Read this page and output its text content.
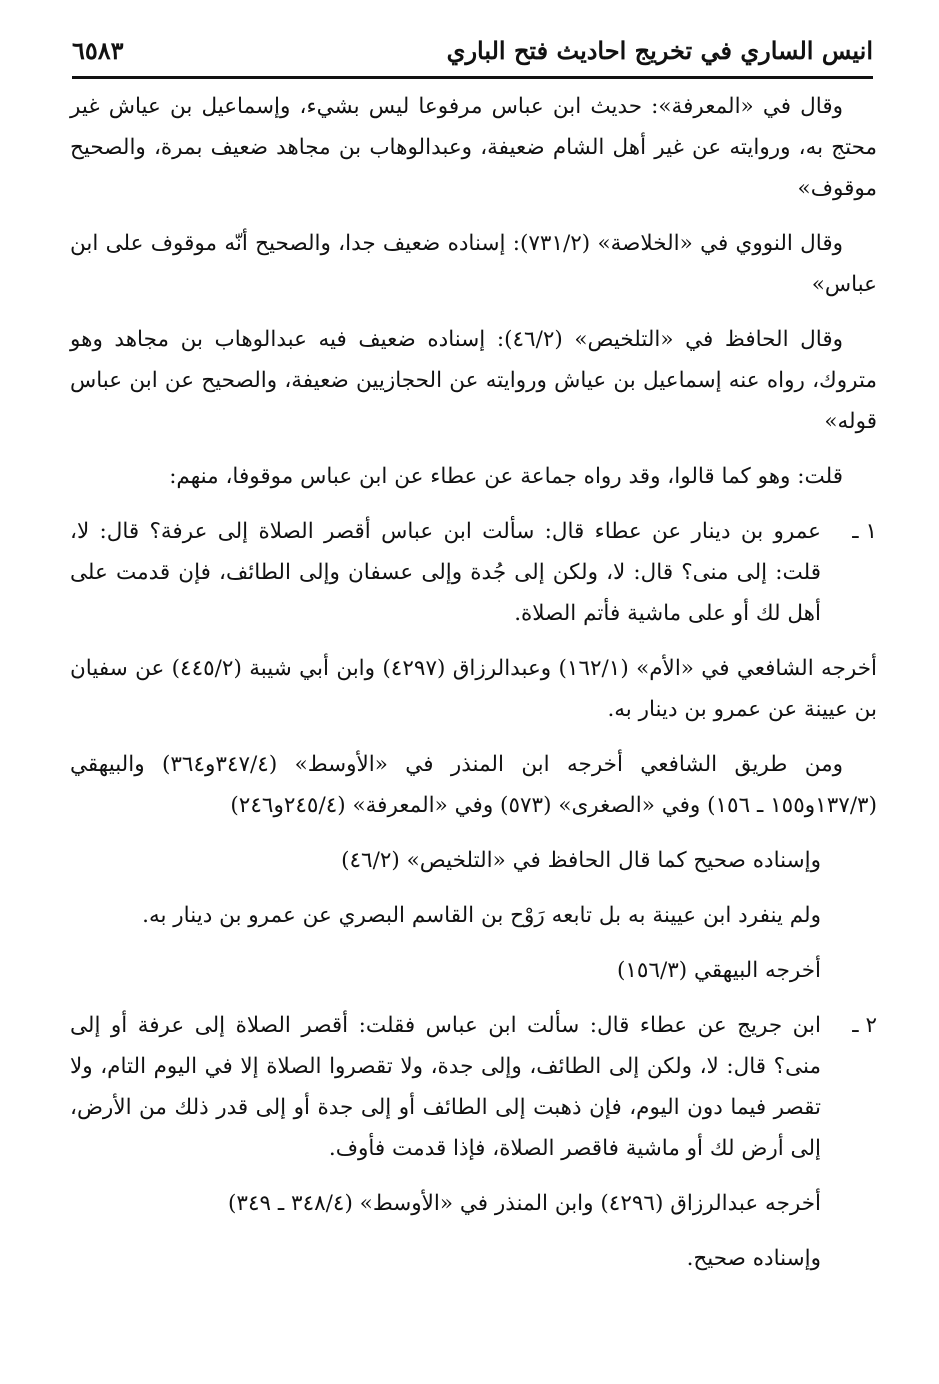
انيس الساري في تخريج احاديث فتح الباري
٦٥٨٣

وقال في «المعرفة»: حديث ابن عباس مرفوعا ليس بشيء، وإسماعيل بن عياش غير محتج به، وروايته عن غير أهل الشام ضعيفة، وعبدالوهاب بن مجاهد ضعيف بمرة، والصحيح موقوف»

وقال النووي في «الخلاصة» (٧٣١/٢): إسناده ضعيف جدا، والصحيح أنّه موقوف على ابن عباس»

وقال الحافظ في «التلخيص» (٤٦/٢): إسناده ضعيف فيه عبدالوهاب بن مجاهد وهو متروك، رواه عنه إسماعيل بن عياش وروايته عن الحجازيين ضعيفة، والصحيح عن ابن عباس قوله»

قلت: وهو كما قالوا، وقد رواه جماعة عن عطاء عن ابن عباس موقوفا، منهم:

١ ـ
عمرو بن دينار عن عطاء قال: سألت ابن عباس أقصر الصلاة إلى عرفة؟ قال: لا، قلت: إلى منى؟ قال: لا، ولكن إلى جُدة وإلى عسفان وإلى الطائف، فإن قدمت على أهل لك أو على ماشية فأتم الصلاة.

أخرجه الشافعي في «الأم» (١٦٢/١) وعبدالرزاق (٤٢٩٧) وابن أبي شيبة (٤٤٥/٢) عن سفيان بن عيينة عن عمرو بن دينار به.

ومن طريق الشافعي أخرجه ابن المنذر في «الأوسط» (٣٤٧/٤و٣٦٤) والبيهقي (١٣٧/٣و١٥٥ ـ ١٥٦) وفي «الصغرى» (٥٧٣) وفي «المعرفة» (٢٤٥/٤و٢٤٦)

وإسناده صحيح كما قال الحافظ في «التلخيص» (٤٦/٢)

ولم ينفرد ابن عيينة به بل تابعه رَوْح بن القاسم البصري عن عمرو بن دينار به.

أخرجه البيهقي (١٥٦/٣)

٢ ـ
ابن جريج عن عطاء قال: سألت ابن عباس فقلت: أقصر الصلاة إلى عرفة أو إلى منى؟ قال: لا، ولكن إلى الطائف، وإلى جدة، ولا تقصروا الصلاة إلا في اليوم التام، ولا تقصر فيما دون اليوم، فإن ذهبت إلى الطائف أو إلى جدة أو إلى قدر ذلك من الأرض، إلى أرض لك أو ماشية فاقصر الصلاة، فإذا قدمت فأوف.

أخرجه عبدالرزاق (٤٢٩٦) وابن المنذر في «الأوسط» (٣٤٨/٤ ـ ٣٤٩)

وإسناده صحيح.
